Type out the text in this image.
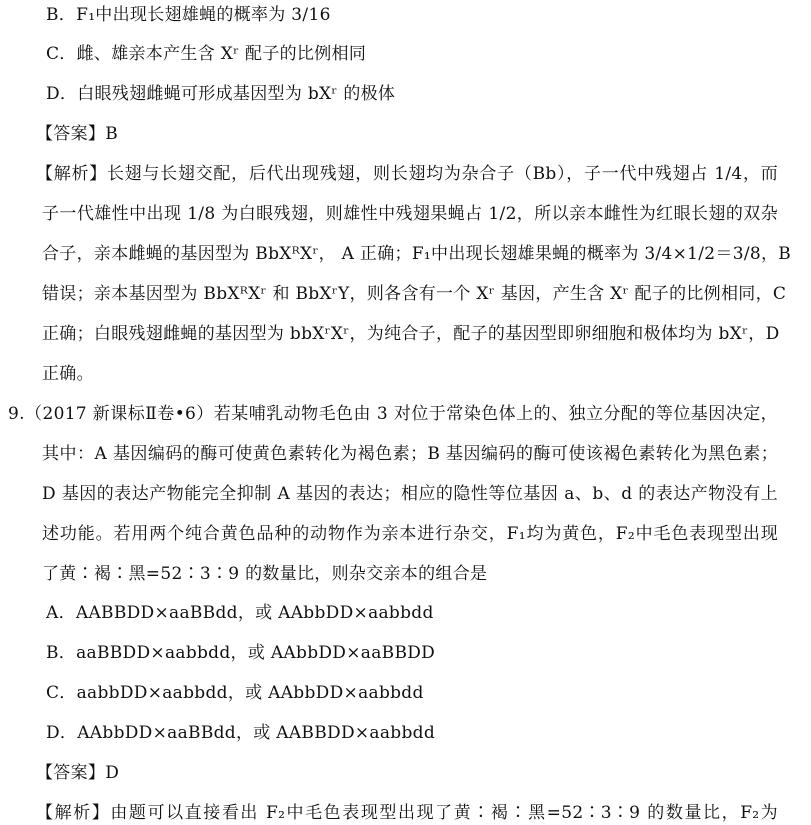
B．F₁中出现长翅雄蝇的概率为 3/16
C．雌、雄亲本产生含 Xʳ 配子的比例相同
D．白眼残翅雌蝇可形成基因型为 bXʳ 的极体
【答案】B
【解析】长翅与长翅交配，后代出现残翅，则长翅均为杂合子（Bb），子一代中残翅占 1/4，而
子一代雄性中出现 1/8 为白眼残翅，则雄性中残翅果蝇占 1/2，所以亲本雌性为红眼长翅的双杂
合子，亲本雌蝇的基因型为 BbXᴿXʳ， A 正确；F₁中出现长翅雄果蝇的概率为 3/4×1/2＝3/8，B
错误；亲本基因型为 BbXᴿXʳ 和 BbXʳY，则各含有一个 Xʳ 基因，产生含 Xʳ 配子的比例相同，C
正确；白眼残翅雌蝇的基因型为 bbXʳXʳ，为纯合子，配子的基因型即卵细胞和极体均为 bXʳ，D
正确。
9.（2017 新课标Ⅱ卷•6）若某哺乳动物毛色由 3 对位于常染色体上的、独立分配的等位基因决定，
其中：A 基因编码的酶可使黄色素转化为褐色素；B 基因编码的酶可使该褐色素转化为黑色素；
D 基因的表达产物能完全抑制 A 基因的表达；相应的隐性等位基因 a、b、d 的表达产物没有上
述功能。若用两个纯合黄色品种的动物作为亲本进行杂交，F₁均为黄色，F₂中毛色表现型出现
了黄∶褐∶黑=52∶3∶9 的数量比，则杂交亲本的组合是
A．AABBDD×aaBBdd，或 AAbbDD×aabbdd
B．aaBBDD×aabbdd，或 AAbbDD×aaBBDD
C．aabbDD×aabbdd，或 AAbbDD×aabbdd
D．AAbbDD×aaBBdd，或 AABBDD×aabbdd
【答案】D
【解析】由题可以直接看出 F₂中毛色表现型出现了黄∶褐∶黑=52∶3∶9 的数量比，F₂为
